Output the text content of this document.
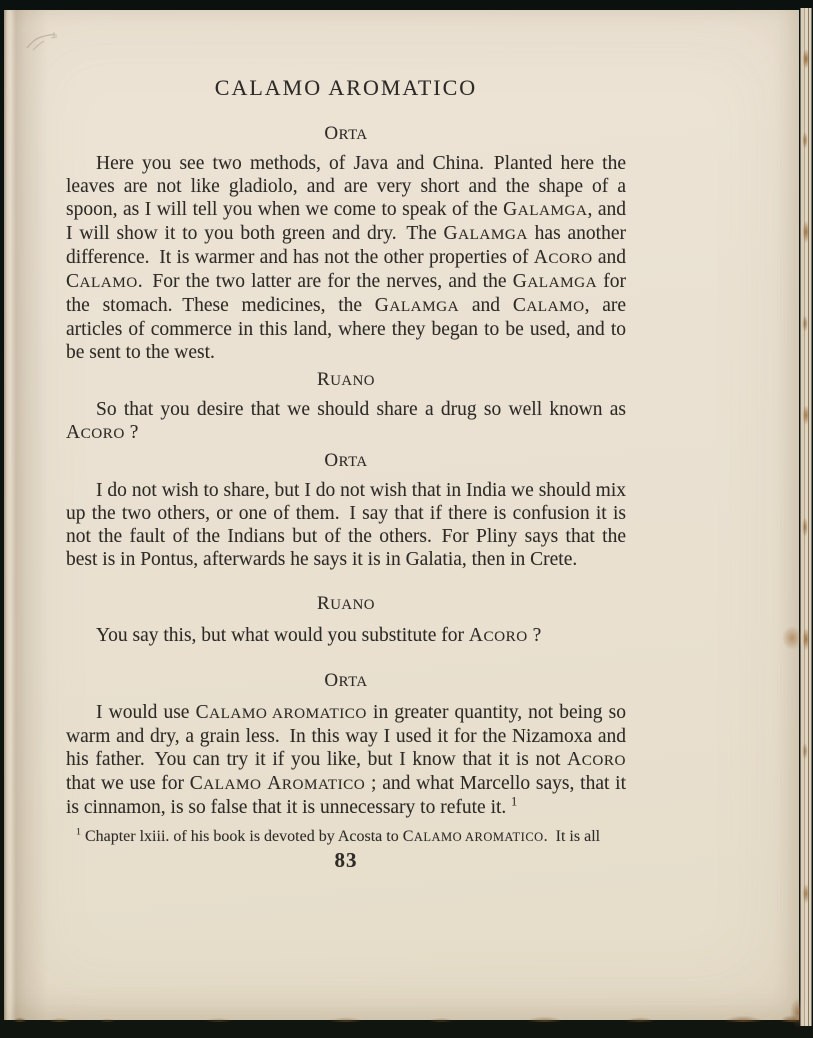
CALAMO AROMATICO
ORTA

Here you see two methods, of Java and China. Planted here the leaves are not like gladiolo, and are very short and the shape of a spoon, as I will tell you when we come to speak of the GALAMGA, and I will show it to you both green and dry. The GALAMGA has another difference. It is warmer and has not the other properties of ACORO and CALAMO. For the two latter are for the nerves, and the GALAMGA for the stomach. These medicines, the GALAMGA and CALAMO, are articles of commerce in this land, where they began to be used, and to be sent to the west.

RUANO

So that you desire that we should share a drug so well known as ACORO ?

ORTA

I do not wish to share, but I do not wish that in India we should mix up the two others, or one of them. I say that if there is confusion it is not the fault of the Indians but of the others. For Pliny says that the best is in Pontus, afterwards he says it is in Galatia, then in Crete.

RUANO

You say this, but what would you substitute for ACORO ?

ORTA

I would use CALAMO AROMATICO in greater quantity, not being so warm and dry, a grain less. In this way I used it for the Nizamoxa and his father. You can try it if you like, but I know that it is not ACORO that we use for CALAMO AROMATICO ; and what Marcello says, that it is cinnamon, is so false that it is unnecessary to refute it. $^1$

$^1$ Chapter lxiii. of his book is devoted by Acosta to CALAMO AROMATICO. It is all
83
